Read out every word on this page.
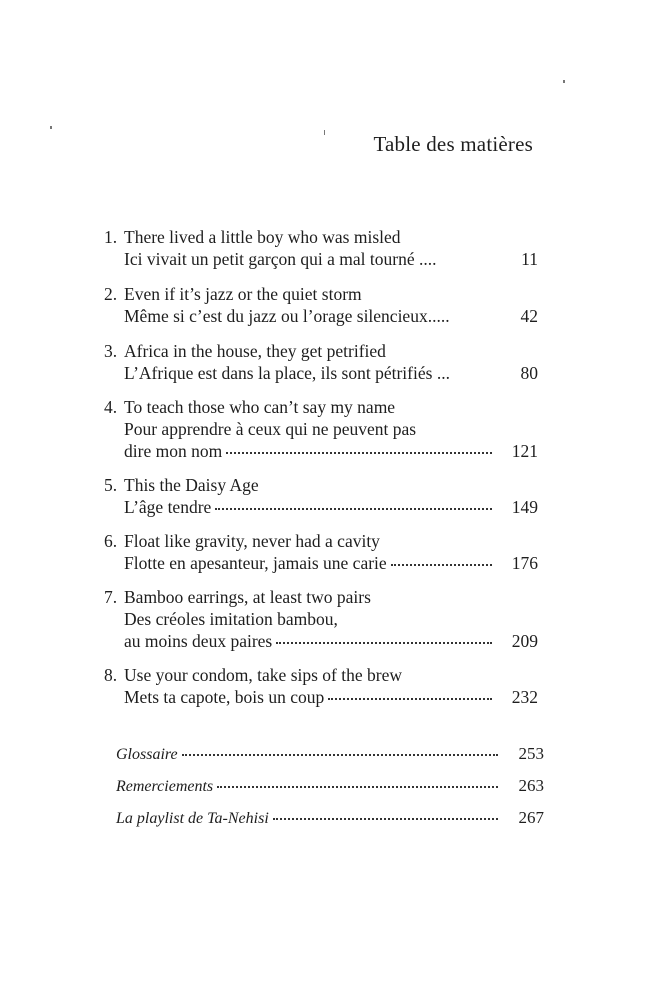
Table des matières
1. There lived a little boy who was misled
Ici vivait un petit garçon qui a mal tourné ....	11
2. Even if it’s jazz or the quiet storm
Même si c’est du jazz ou l’orage silencieux.....	42
3. Africa in the house, they get petrified
L’Afrique est dans la place, ils sont pétrifiés ...	80
4. To teach those who can’t say my name
Pour apprendre à ceux qui ne peuvent pas
dire mon nom	121
5. This the Daisy Age
L’âge tendre	149
6. Float like gravity, never had a cavity
Flotte en apesanteur, jamais une carie	176
7. Bamboo earrings, at least two pairs
Des créoles imitation bambou,
au moins deux paires	209
8. Use your condom, take sips of the brew
Mets ta capote, bois un coup	232
Glossaire	253
Remerciements	263
La playlist de Ta-Nehisi	267
